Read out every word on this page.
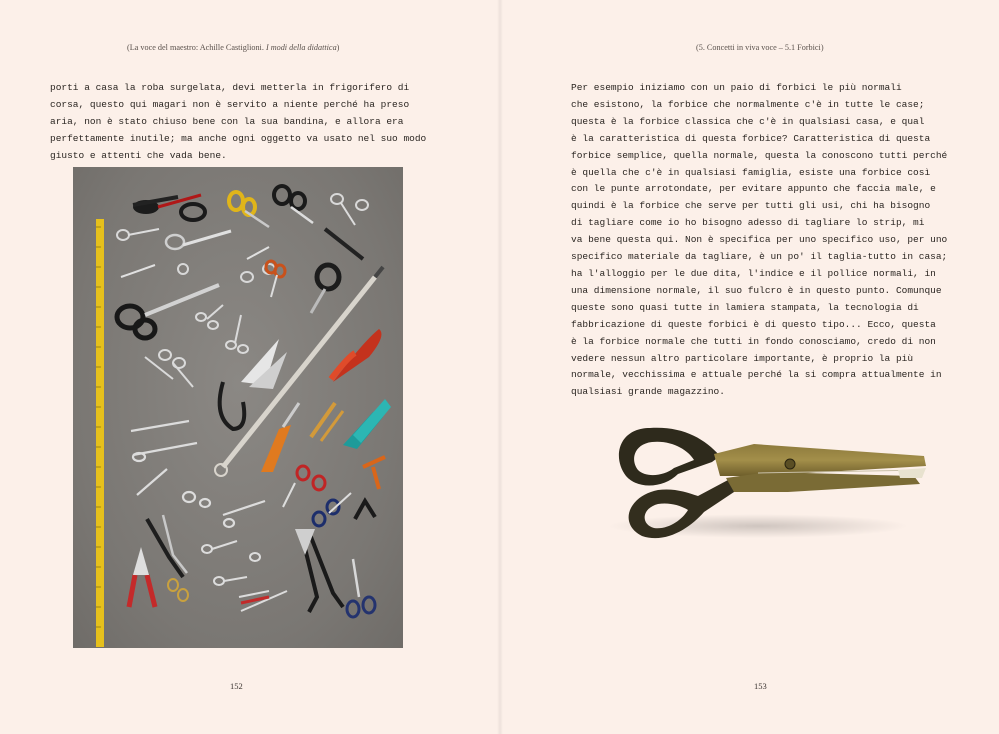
(La voce del maestro: Achille Castiglioni. I modi della didattica)
porti a casa la roba surgelata, devi metterla in frigorifero di
corsa, questo qui magari non è servito a niente perché ha preso
aria, non è stato chiuso bene con la sua bandina, e allora era
perfettamente inutile; ma anche ogni oggetto va usato nel suo modo
giusto e attenti che vada bene.
152
(5. Concetti in viva voce – 5.1 Forbici)
Per esempio iniziamo con un paio di forbici le più normali
che esistono, la forbice che normalmente c'è in tutte le case;
questa è la forbice classica che c'è in qualsiasi casa, e qual
è la caratteristica di questa forbice? Caratteristica di questa
forbice semplice, quella normale, questa la conoscono tutti perché
è quella che c'è in qualsiasi famiglia, esiste una forbice così
con le punte arrotondate, per evitare appunto che faccia male, e
quindi è la forbice che serve per tutti gli usi, chi ha bisogno
di tagliare come io ho bisogno adesso di tagliare lo strip, mi
va bene questa qui. Non è specifica per uno specifico uso, per uno
specifico materiale da tagliare, è un po' il taglia-tutto in casa;
ha l'alloggio per le due dita, l'indice e il pollice normali, in
una dimensione normale, il suo fulcro è in questo punto. Comunque
queste sono quasi tutte in lamiera stampata, la tecnologia di
fabbricazione di queste forbici è di questo tipo... Ecco, questa
è la forbice normale che tutti in fondo conosciamo, credo di non
vedere nessun altro particolare importante, è proprio la più
normale, vecchissima e attuale perché la si compra attualmente in
qualsiasi grande magazzino.
153
